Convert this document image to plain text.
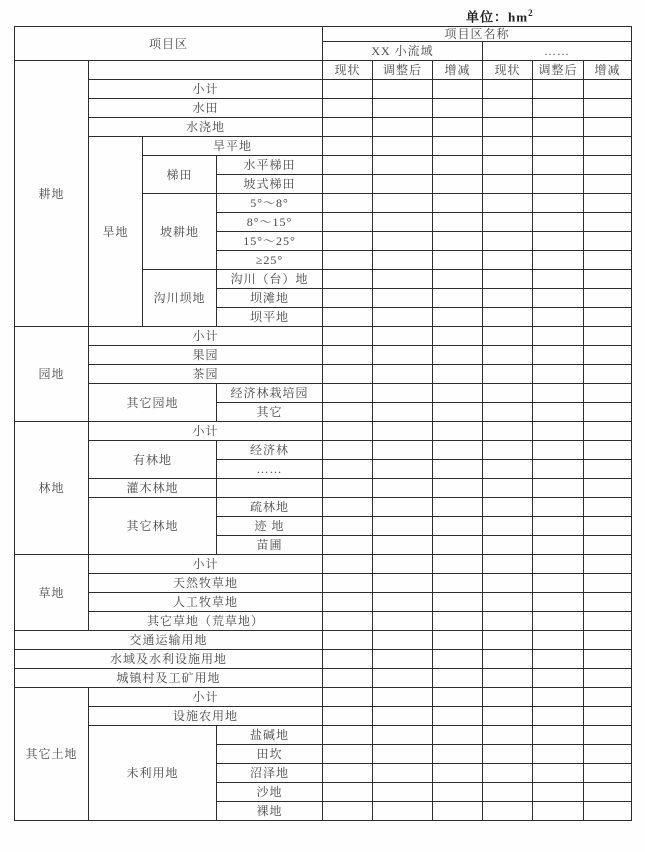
单位：$hm^2$
项目区				项目区名称					
				XX 小流域			……		
耕地				现状	调整后	增减	现状	调整后	增减
	小计								
	水田								
	水浇地								
	旱地	旱平地							
		梯田	水平梯田						
			坡式梯田						
		坡耕地	5°～8°						
			8°～15°						
			15°～25°						
			≥25°						
		沟川坝地	沟川（台）地						
			坝滩地						
			坝平地						
园地	小计								
	果园								
	茶园								
	其它园地		经济林栽培园						
			其它						
林地	小计								
	有林地		经济林						
			……						
	灌木林地								
	其它林地		疏林地						
			迹 地						
			苗圃						
草地	小计								
	天然牧草地								
	人工牧草地								
	其它草地（荒草地）								
交通运输用地									
水域及水利设施用地									
城镇村及工矿用地									
其它土地	小计								
	设施农用地								
	未利用地		盐碱地						
			田坎						
			沼泽地						
			沙地						
			裸地						
